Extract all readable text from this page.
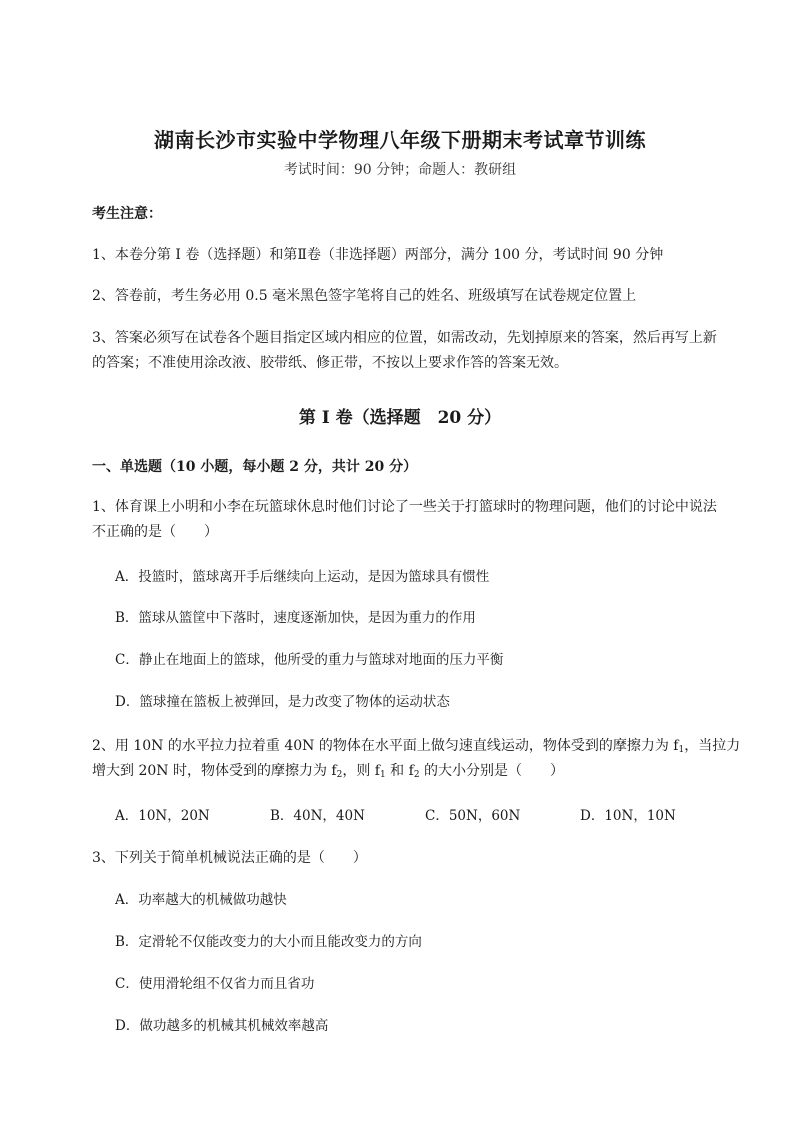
湖南长沙市实验中学物理八年级下册期末考试章节训练
考试时间：90 分钟；命题人：教研组
考生注意：
1、本卷分第 I 卷（选择题）和第Ⅱ卷（非选择题）两部分，满分 100 分，考试时间 90 分钟
2、答卷前，考生务必用 0.5 毫米黑色签字笔将自己的姓名、班级填写在试卷规定位置上
3、答案必须写在试卷各个题目指定区域内相应的位置，如需改动，先划掉原来的答案，然后再写上新
的答案；不准使用涂改液、胶带纸、修正带，不按以上要求作答的答案无效。
第 I 卷（选择题　20 分）
一、单选题（10 小题，每小题 2 分，共计 20 分）
1、体育课上小明和小李在玩篮球休息时他们讨论了一些关于打篮球时的物理问题，他们的讨论中说法
不正确的是（　　）
A．投篮时，篮球离开手后继续向上运动，是因为篮球具有惯性
B．篮球从篮筐中下落时，速度逐渐加快，是因为重力的作用
C．静止在地面上的篮球，他所受的重力与篮球对地面的压力平衡
D．篮球撞在篮板上被弹回，是力改变了物体的运动状态
2、用 10N 的水平拉力拉着重 40N 的物体在水平面上做匀速直线运动，物体受到的摩擦力为 $f_1$，当拉力
增大到 20N 时，物体受到的摩擦力为 $f_2$，则 $f_1$ 和 $f_2$ 的大小分别是（　　）
A．10N，20N	B．40N，40N	C．50N，60N	D．10N，10N
3、下列关于简单机械说法正确的是（　　）
A．功率越大的机械做功越快
B．定滑轮不仅能改变力的大小而且能改变力的方向
C．使用滑轮组不仅省力而且省功
D．做功越多的机械其机械效率越高
